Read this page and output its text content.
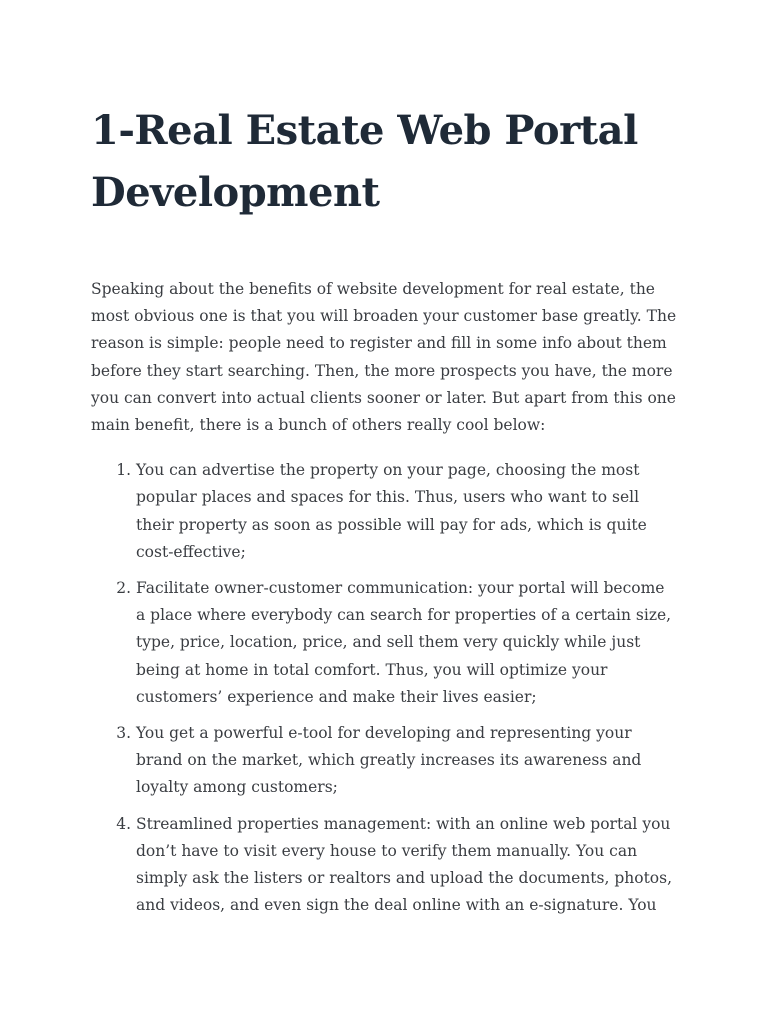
1-Real Estate Web Portal Development

Speaking about the benefits of website development for real estate, the most obvious one is that you will broaden your customer base greatly. The reason is simple: people need to register and fill in some info about them before they start searching. Then, the more prospects you have, the more you can convert into actual clients sooner or later. But apart from this one main benefit, there is a bunch of others really cool below:

1. You can advertise the property on your page, choosing the most popular places and spaces for this. Thus, users who want to sell their property as soon as possible will pay for ads, which is quite cost-effective;
2. Facilitate owner-customer communication: your portal will become a place where everybody can search for properties of a certain size, type, price, location, price, and sell them very quickly while just being at home in total comfort. Thus, you will optimize your customers’ experience and make their lives easier;
3. You get a powerful e-tool for developing and representing your brand on the market, which greatly increases its awareness and loyalty among customers;
4. Streamlined properties management: with an online web portal you don’t have to visit every house to verify them manually. You can simply ask the listers or realtors and upload the documents, photos, and videos, and even sign the deal online with an e-signature. You
